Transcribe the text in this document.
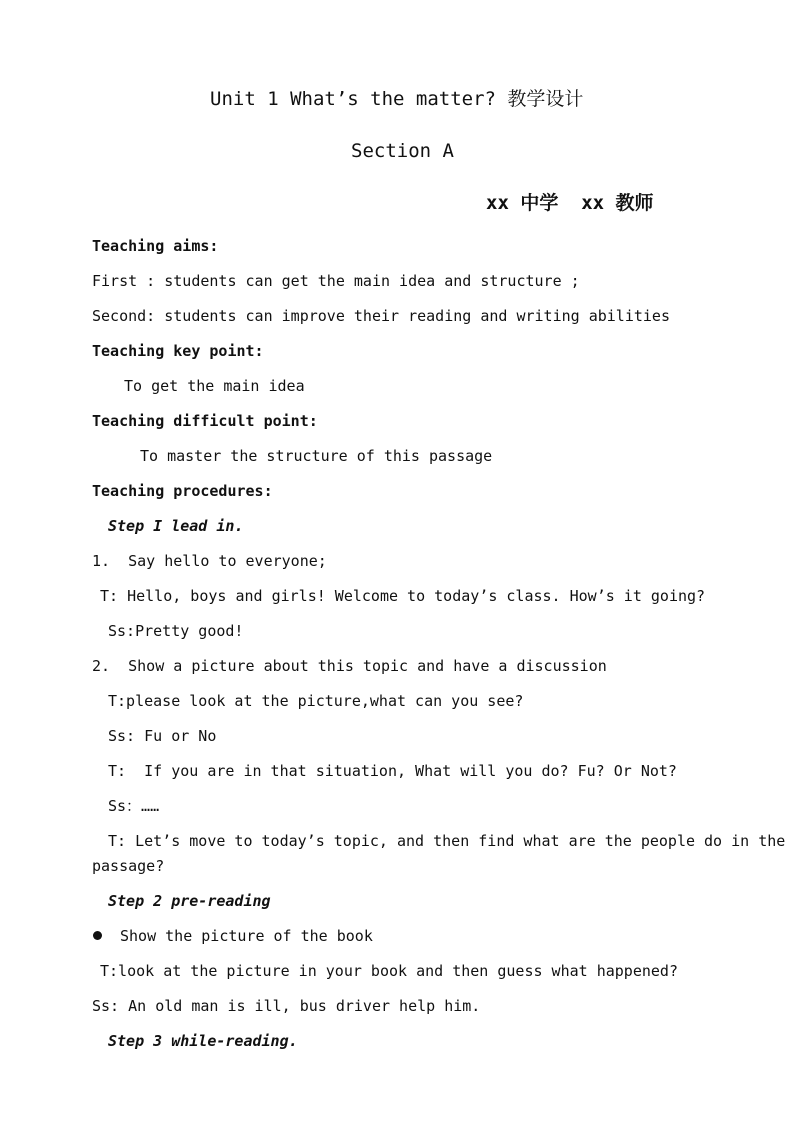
Unit 1 What’s the matter? 教学设计
Section A
xx 中学  xx 教师
Teaching aims:
First : students can get the main idea and structure ;
Second: students can improve their reading and writing abilities
Teaching key point:
To get the main idea
Teaching difficult point:
To master the structure of this passage
Teaching procedures:
Step I lead in.
1.  Say hello to everyone;
T: Hello, boys and girls! Welcome to today’s class. How’s it going?
Ss:Pretty good!
2.  Show a picture about this topic and have a discussion
T:please look at the picture,what can you see?
Ss: Fu or No
T:  If you are in that situation, What will you do? Fu? Or Not?
Ss：……
T: Let’s move to today’s topic, and then find what are the people do in the
passage?
Step 2 pre-reading
Show the picture of the book
T:look at the picture in your book and then guess what happened?
Ss: An old man is ill, bus driver help him.
Step 3 while-reading.
